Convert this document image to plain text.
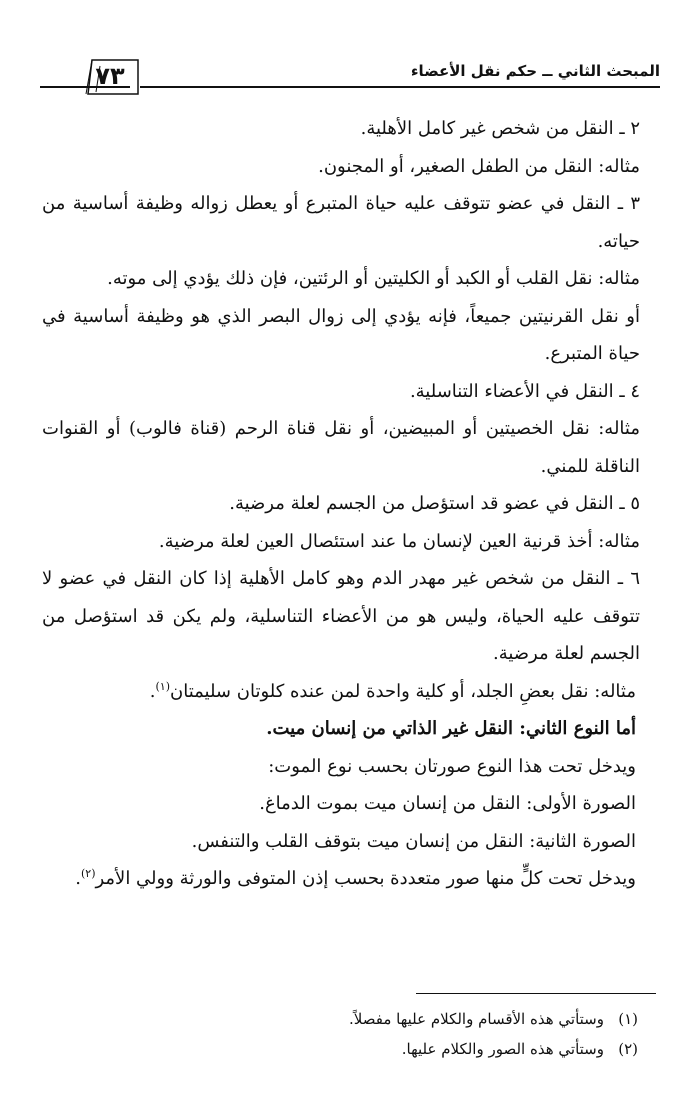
المبحث الثاني ــ حكم نقل الأعضاء
٧٣

٢ ـ النقل من شخص غير كامل الأهلية.

مثاله: النقل من الطفل الصغير، أو المجنون.

٣ ـ النقل في عضو تتوقف عليه حياة المتبرع أو يعطل زواله وظيفة أساسية من حياته.

مثاله: نقل القلب أو الكبد أو الكليتين أو الرئتين، فإن ذلك يؤدي إلى موته.

أو نقل القرنيتين جميعاً، فإنه يؤدي إلى زوال البصر الذي هو وظيفة أساسية في حياة المتبرع.

٤ ـ النقل في الأعضاء التناسلية.

مثاله: نقل الخصيتين أو المبيضين، أو نقل قناة الرحم (قناة فالوب) أو القنوات الناقلة للمني.

٥ ـ النقل في عضو قد استؤصل من الجسم لعلة مرضية.

مثاله: أخذ قرنية العين لإنسان ما عند استئصال العين لعلة مرضية.

٦ ـ النقل من شخص غير مهدر الدم وهو كامل الأهلية إذا كان النقل في عضو لا تتوقف عليه الحياة، وليس هو من الأعضاء التناسلية، ولم يكن قد استؤصل من الجسم لعلة مرضية.

مثاله: نقل بعضِ الجلد، أو كلية واحدة لمن عنده كلوتان سليمتان$^{(١)}$.

أما النوع الثاني: النقل غير الذاتي من إنسان ميت.

ويدخل تحت هذا النوع صورتان بحسب نوع الموت:

الصورة الأولى: النقل من إنسان ميت بموت الدماغ.

الصورة الثانية: النقل من إنسان ميت بتوقف القلب والتنفس.

ويدخل تحت كلٍّ منها صور متعددة بحسب إذن المتوفى والورثة وولي الأمر$^{(٢)}$.

(١)وستأتي هذه الأقسام والكلام عليها مفصلاً.

(٢)وستأتي هذه الصور والكلام عليها.
